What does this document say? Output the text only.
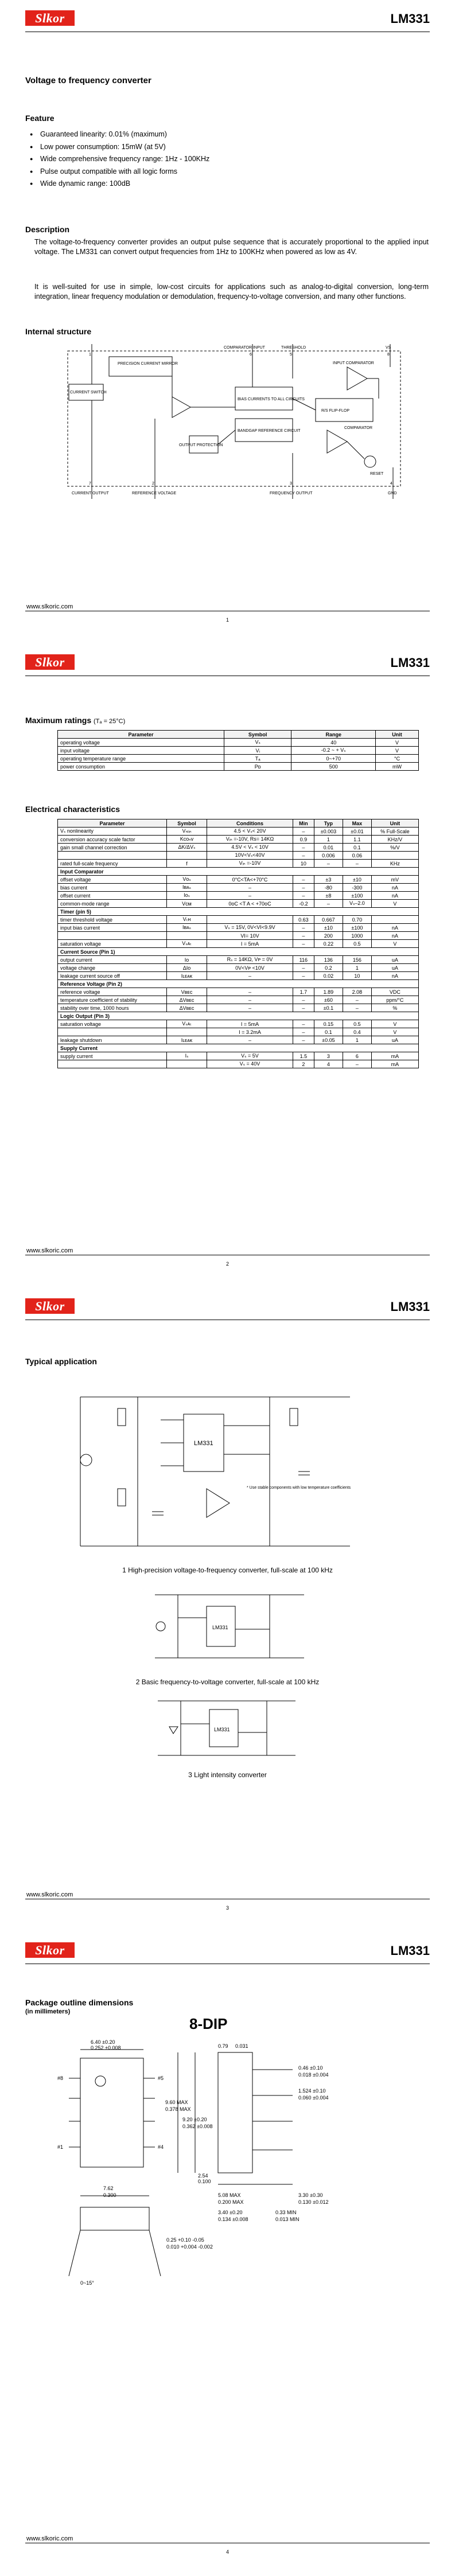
Slkor	LM331
Voltage to frequency converter
Feature
● Guaranteed linearity: 0.01% (maximum)
● Low power consumption: 15mW (at 5V)
● Wide comprehensive frequency range: 1Hz - 100KHz
● Pulse output compatible with all logic forms
● Wide dynamic range: 100dB
Description
The voltage-to-frequency converter provides an output pulse sequence that is accurately proportional to the applied input voltage. The LM331 can convert output frequencies from 1Hz to 100KHz when powered as low as 4V.
It is well-suited for use in simple, low-cost circuits for applications such as analog-to-digital conversion, long-term integration, linear frequency modulation or demodulation, frequency-to-voltage conversion, and many other functions.
Internal structure
PRECISION CURRENT MIRROR
CURRENT SWITCH
INPUT COMPARATOR
R/S FLIP-FLOP
COMPARATOR
BIAS CURRENTS TO ALL CIRCUITS
BANDGAP REFERENCE CIRCUIT
OUTPUT PROTECTION
RESET
COMPARATOR INPUT	THRESHOLD	VS
CURRENT OUTPUT	REFERENCE VOLTAGE	FREQUENCY OUTPUT	GND
1
2	3	4
5
6
7
8
www.slkoric.com
1
Slkor	LM331
Maximum ratings (Tₐ = 25°C)
Parameter	Symbol	Range	Unit
operating voltage	Vₛ	40	V
input voltage	Vᵢ	-0.2 ~ + Vₛ	V
operating temperature range	Tₐ	0~+70	°C
power consumption	Pᴅ	500	mW
Electrical characteristics
Parameter	Symbol	Conditions	Min	Typ	Max	Unit
Vₛ nonlinearity	Vₙₗᵢₙ	4.5 < Vₛ< 20V	–	±0.003	±0.01	% Full-Scale
conversion accuracy scale factor	Kᴄᴏₙᴠ	Vᵢₙ =-10V, Rs= 14KΩ	0.9	1	1.1	KHz/V
gain small channel correction	ΔK/ΔVₛ	4.5V < Vₛ < 10V	–	0.01	0.1	%/V
		10V<Vₛ<40V	–	0.006	0.06	
rated full-scale frequency	f	Vᵢₙ =-10V	10	–	–	KHz
Input Comparator						
offset voltage	Vᴏₛ	0°C<TA<+70°C	–	±3	±10	mV
bias current	Iʙᴀₛ	–	–	-80	-300	nA
offset current	Iᴏₛ	–	–	±8	±100	nA
common-mode range	Vᴄᴍ	0oC <T A < +70oC	-0.2	–	Vₛ–2.0	V
Timer (pin 5)						
timer threshold voltage	Vₜʜ		0.63	0.667	0.70	
input bias current	Iʙᴀₛ	Vₛ = 15V, 0V<VI<9.9V	–	±10	±100	nA
		VI= 10V	–	200	1000	nA
saturation voltage	Vₛᴀₜ	I = 5mA	–	0.22	0.5	V
Current Source (Pin 1)						
output current	Iᴏ	Rₛ = 14KΩ, Vᴘ = 0V	116	136	156	uA
voltage change	ΔIᴏ	0V<Vᴘ <10V	–	0.2	1	uA
leakage current source off	Iʟᴇᴀᴋ	–	–	0.02	10	nA
Reference Voltage (Pin 2)						
reference voltage	Vʙᴇᴄ	–	1.7	1.89	2.08	VDC
temperature coefficient of stability	ΔVʙᴇᴄ	–	–	±60	–	ppm/°C
stability over time, 1000 hours	ΔVʙᴇᴄ	–	–	±0.1	–	%
Logic Output (Pin 3)						
saturation voltage	Vₛᴀₜ	I = 5mA	–	0.15	0.5	V
		I = 3.2mA	–	0.1	0.4	V
leakage shutdown	Iʟᴇᴀᴋ	–	–	±0.05	1	uA
Supply Current						
supply current	Iₛ	Vₛ = 5V	1.5	3	6	mA
		Vₛ = 40V	2	4	–	mA
www.slkoric.com
2
Slkor	LM331
Typical application
LM331
* Use stable components with low temperature coefficients
1 High-precision voltage-to-frequency converter, full-scale at 100 kHz
LM331
2 Basic frequency-to-voltage converter, full-scale at 100 kHz
LM331
3 Light intensity converter
www.slkoric.com
3
Slkor	LM331
Package outline dimensions
(in millimeters)
8-DIP
6.40 ±0.20
0.252 ±0.008
#8
#1
#5
#4
9.60 MAX
0.378 MAX
9.20 ±0.20
0.362 ±0.008
2.54
0.100
0.79 0.031
0.46 ±0.10
0.018 ±0.004
1.524 ±0.10
0.060 ±0.004
5.08 MAX
0.200 MAX
3.40 ±0.20
0.134 ±0.008
3.30 ±0.30
0.130 ±0.012
0.33 MIN
0.013 MIN
7.62
0.300
0.25 +0.10 -0.05
0.010 +0.004 -0.002
0~15°
www.slkoric.com
4
